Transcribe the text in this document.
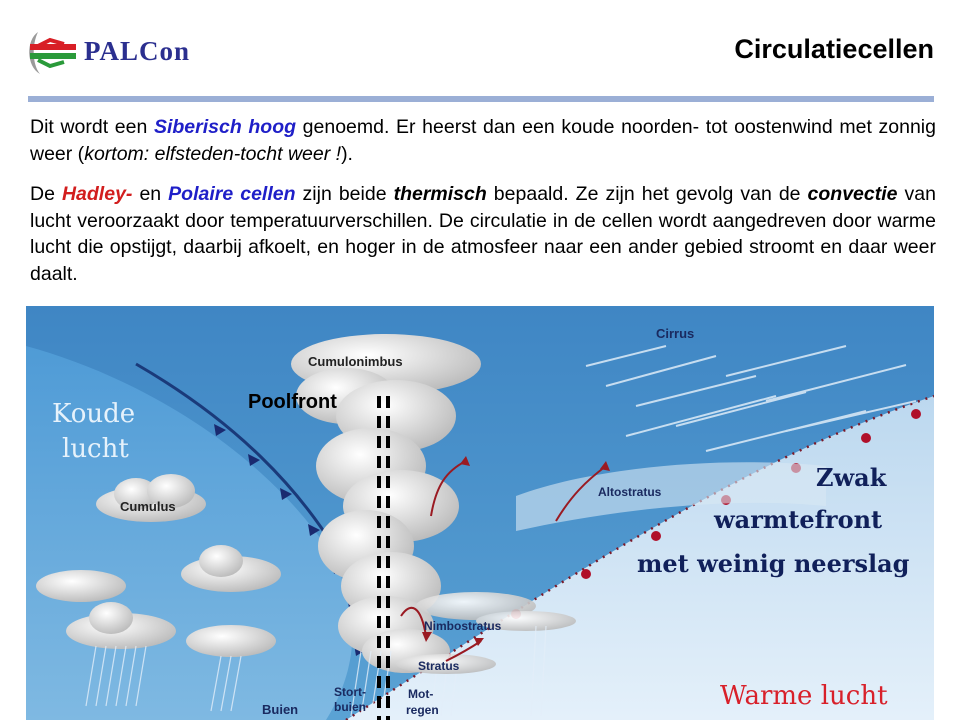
PALCon	Circulatiecellen

Dit wordt een Siberisch hoog genoemd. Er heerst dan een koude noorden- tot oostenwind met zonnig weer (kortom: elfsteden-tocht weer !).

De Hadley- en Polaire cellen zijn beide thermisch bepaald. Ze zijn het gevolg van de convectie van lucht veroorzaakt door temperatuurverschillen. De circulatie in de cellen wordt aangedreven door warme lucht die opstijgt, daarbij afkoelt, en hoger in de atmosfeer naar een ander gebied stroomt en daar weer daalt.

Poolfront
Koude
lucht
Cumulonimbus
Cirrus
Cumulus
Altostratus
Nimbostratus
Stratus
Buien
Stort-
buien
Mot-
regen
Zwak
warmtefront
met weinig neerslag
Warme lucht
